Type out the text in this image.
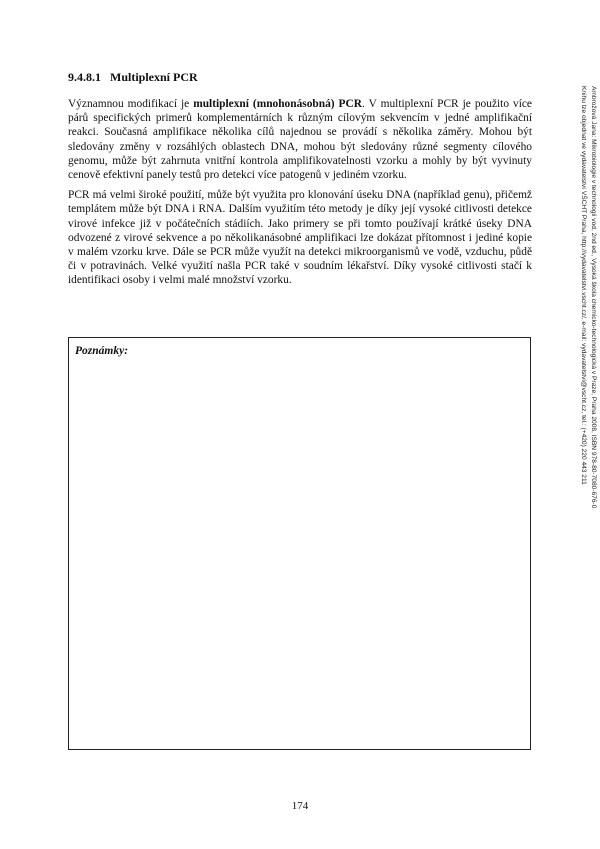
9.4.8.1 Multiplexní PCR

Významnou modifikací je multiplexní (mnohonásobná) PCR. V multiplexní PCR je použito více párů specifických primerů komplementárních k různým cílovým sekvencím v jedné amplifikační reakci. Současná amplifikace několika cílů najednou se provádí s několika záměry. Mohou být sledovány změny v rozsáhlých oblastech DNA, mohou být sledovány různé segmenty cílového genomu, může být zahrnuta vnitřní kontrola amplifikovatelnosti vzorku a mohly by být vyvinuty cenově efektivní panely testů pro detekci více patogenů v jediném vzorku.

PCR má velmi široké použití, může být využita pro klonování úseku DNA (například genu), přičemž templátem může být DNA i RNA. Dalším využitím této metody je díky její vysoké citlivosti detekce virové infekce již v počátečních stádiích. Jako primery se při tomto používají krátké úseky DNA odvozené z virové sekvence a po několikanásobné amplifikaci lze dokázat přítomnost i jediné kopie v malém vzorku krve. Dále se PCR může využít na detekci mikroorganismů ve vodě, vzduchu, půdě či v potravinách. Velké využití našla PCR také v soudním lékařství. Díky vysoké citlivosti stačí k identifikaci osoby i velmi malé množství vzorku.

Poznámky:
174
Ambrožová Jana: Mikrobiologie v technologii vod, 2nd ed., Vysoká škola chemicko-technologická v Praze, Praha 2008, ISBN 978-80-7080-676-0
Knihu lze objednat ve vydavatelství VŠCHT Praha, http://vydavatelstvi.vscht.cz/, e-mail: vydavatelstvi@vscht.cz, tel.: (+420) 220 443 211
